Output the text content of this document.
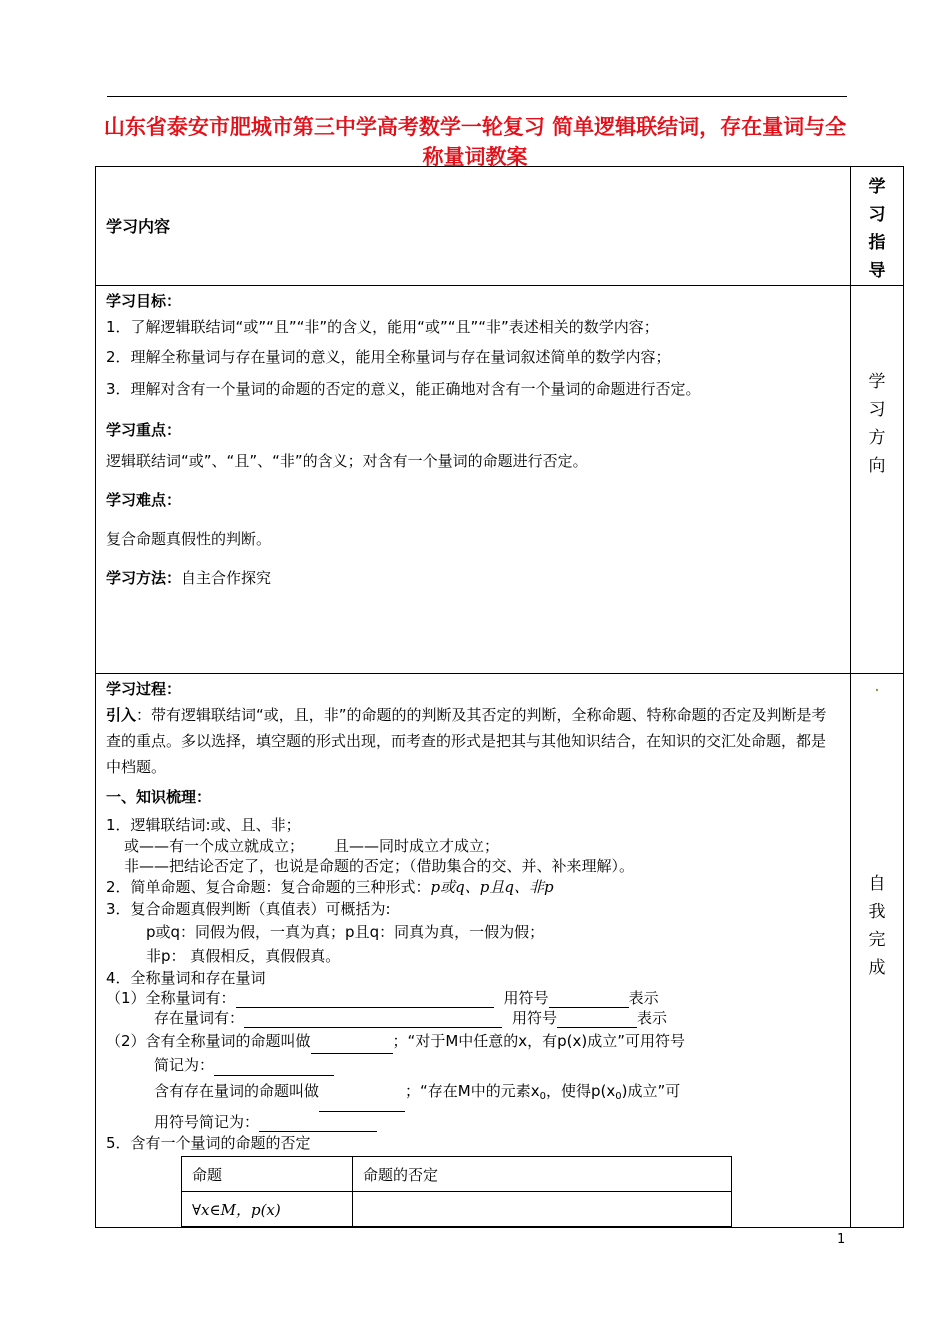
山东省泰安市肥城市第三中学高考数学一轮复习 简单逻辑联结词，存在量词与全称量词教案
学习内容

学习指导

学习目标：
1．了解逻辑联结词“或”“且”“非”的含义，能用“或”“且”“非”表述相关的数学内容；
2．理解全称量词与存在量词的意义，能用全称量词与存在量词叙述简单的数学内容；
3．理解对含有一个量词的命题的否定的意义，能正确地对含有一个量词的命题进行否定。
学习重点：
逻辑联结词“或”、“且”、“非”的含义；对含有一个量词的命题进行否定。
学习难点：
复合命题真假性的判断。
学习方法：自主合作探究

学习方向

学习过程：
引入：带有逻辑联结词“或，且，非”的命题的的判断及其否定的判断，全称命题、特称命题的否定及判断是考查的重点。多以选择，填空题的形式出现，而考查的形式是把其与其他知识结合，在知识的交汇处命题，都是中档题。
一、知识梳理：
1．逻辑联结词:或、且、非；
或——有一个成立就成立； 且——同时成立才成立；
非——把结论否定了，也说是命题的否定；（借助集合的交、并、补来理解）。
2．简单命题、复合命题：复合命题的三种形式：p或q、p且q、非p
3．复合命题真假判断（真值表）可概括为:
p或q：同假为假，一真为真；p且q：同真为真，一假为假；
非p： 真假相反，真假假真。
4．全称量词和存在量词
（1）全称量词有：	用符号	表示
存在量词有：	用符号	表示
（2）含有全称量词的命题叫做	；“对于M中任意的x，有p(x)成立”可用符号
简记为：
含有存在量词的命题叫做	；“存在M中的元素$x_0$，使得$p(x_0)$成立”可
用符号简记为：
5．含有一个量词的命题的否定
命题	命题的否定
∀x∈M，p(x)	

·
自我完成
1
